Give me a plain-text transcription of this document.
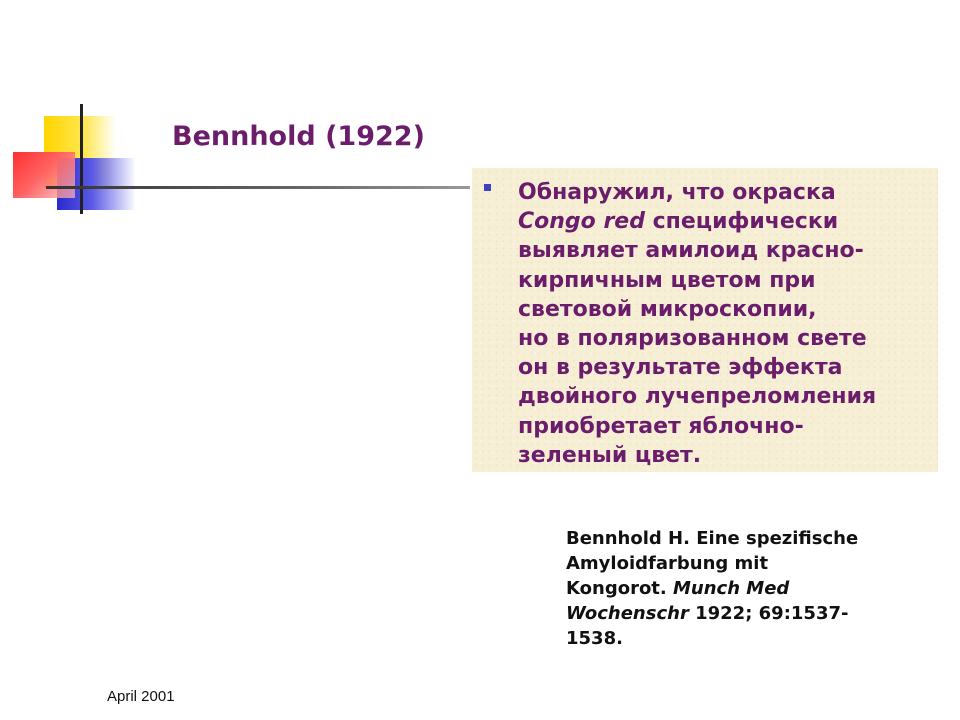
Bennhold (1922)

Обнаружил, что окраска
Congo red специфически
выявляет амилоид красно-
кирпичным цветом при
световой микроскопии,
но в поляризованном свете
он в результате эффекта
двойного лучепреломления
приобретает яблочно-
зеленый цвет.

Bennhold H. Eine spezifische
Amyloidfarbung mit
Kongorot. Munch Med
Wochenschr 1922; 69:1537-
1538.

April 2001
